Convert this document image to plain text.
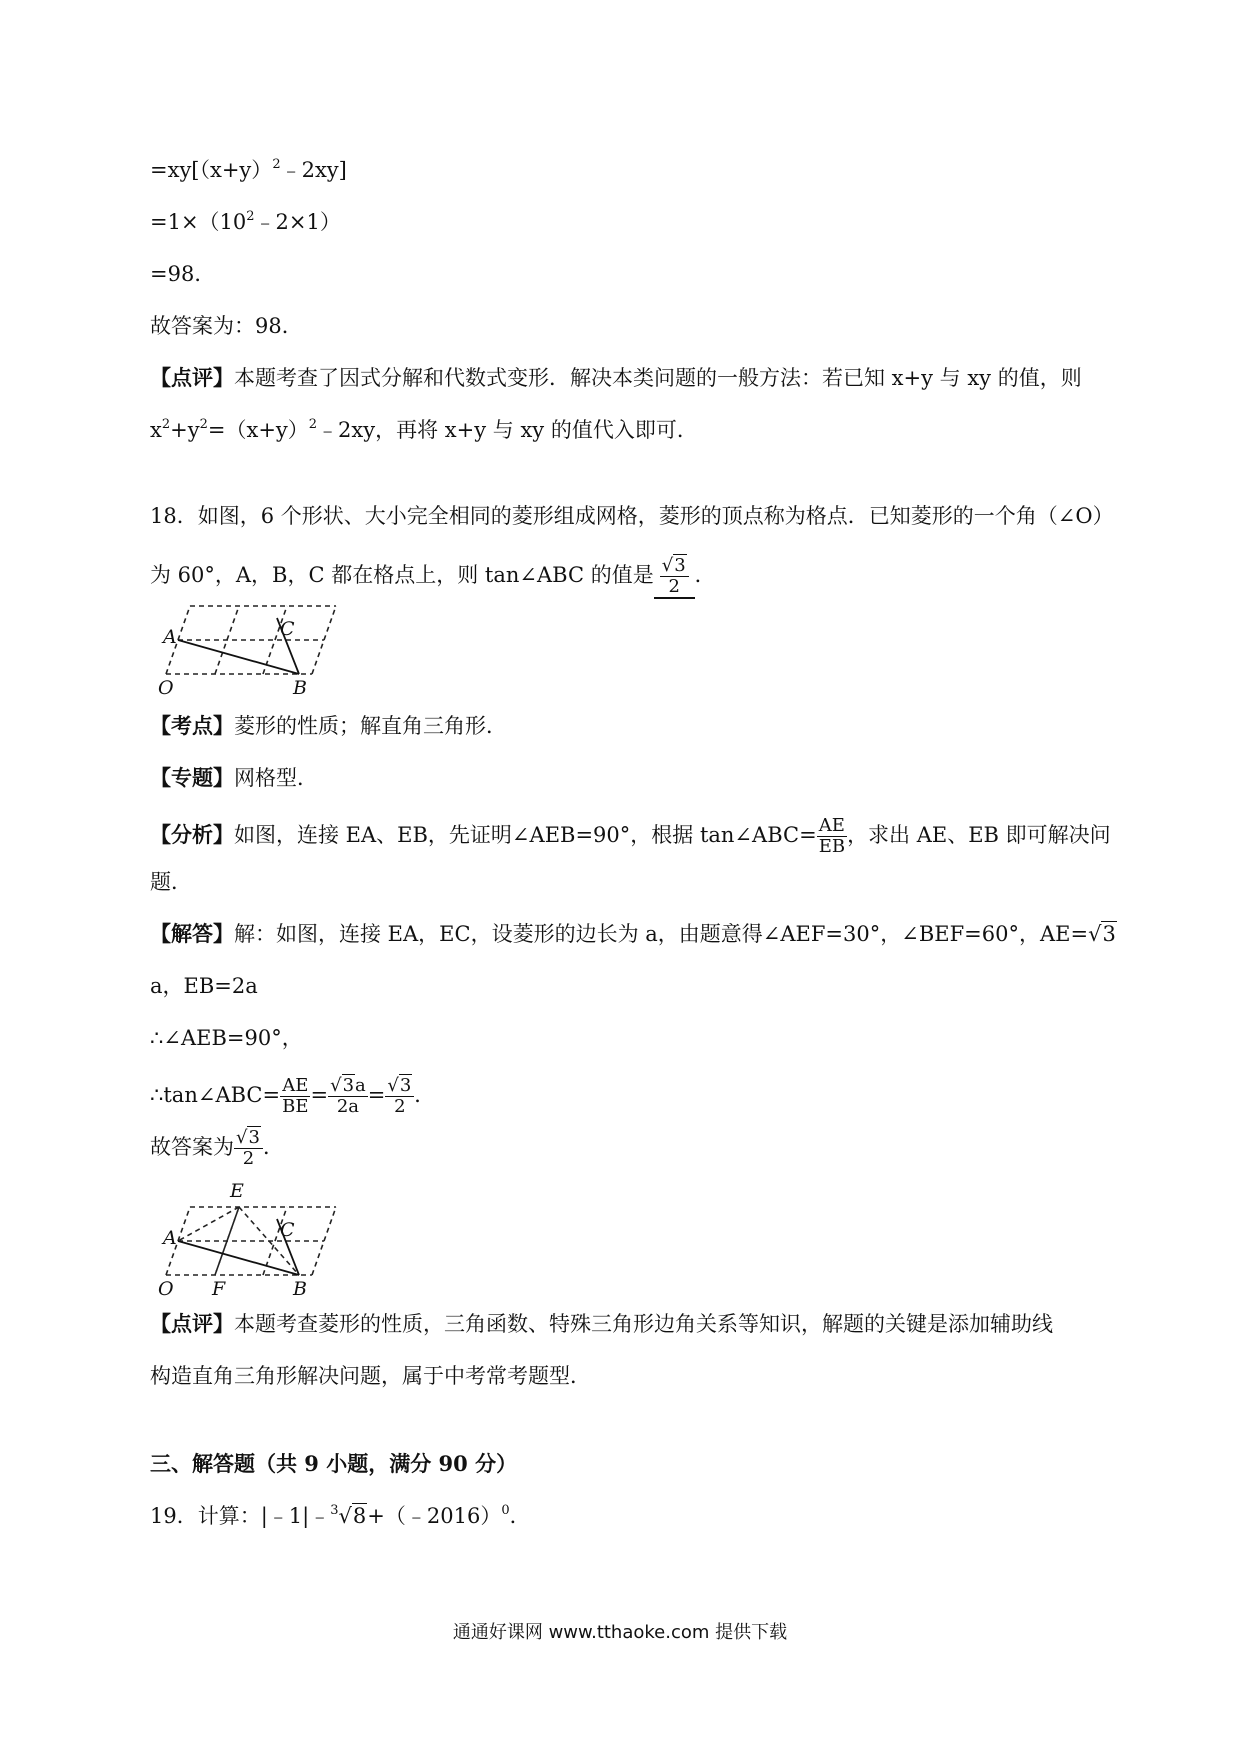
$=xy[(x+y)^2﹣2xy]$
$=1\times(10^2﹣2\times 1)$
=98．
故答案为：98．
【点评】本题考查了因式分解和代数式变形．解决本类问题的一般方法：若已知 x+y 与 xy 的值，则
$x^2+y^2=(x+y)^2﹣2xy$，再将 x+y 与 xy 的值代入即可．
18．如图，6 个形状、大小完全相同的菱形组成网格，菱形的顶点称为格点．已知菱形的一个角（∠O）
为 60°，A，B，C 都在格点上，则 tan∠ABC 的值是 $\frac{√3}{2}$ ．
A	C
O	B
【考点】菱形的性质；解直角三角形．
【专题】网格型．
【分析】如图，连接 EA、EB，先证明∠AEB=90°，根据 tan∠ABC= $\frac{AE}{EB}$ ，求出 AE、EB 即可解决问
题．
【解答】解：如图，连接 EA，EC，设菱形的边长为 a，由题意得∠AEF=30°，∠BEF=60°，AE=√3
a，EB=2a
∴∠AEB=90°，
∴tan∠ABC= $\frac{AE}{BE} = \frac{√3a}{2a} = \frac{√3}{2}$ ．
故答案为 $\frac{√3}{2}$ ．
E
A	C
O F	B
【点评】本题考查菱形的性质，三角函数、特殊三角形边角关系等知识，解题的关键是添加辅助线
构造直角三角形解决问题，属于中考常考题型．
三、解答题（共 9 小题，满分 90 分）
19．计算：|﹣1|﹣$^3$√8+（﹣2016）$^0$．
通通好课网 www.tthaoke.com 提供下载
